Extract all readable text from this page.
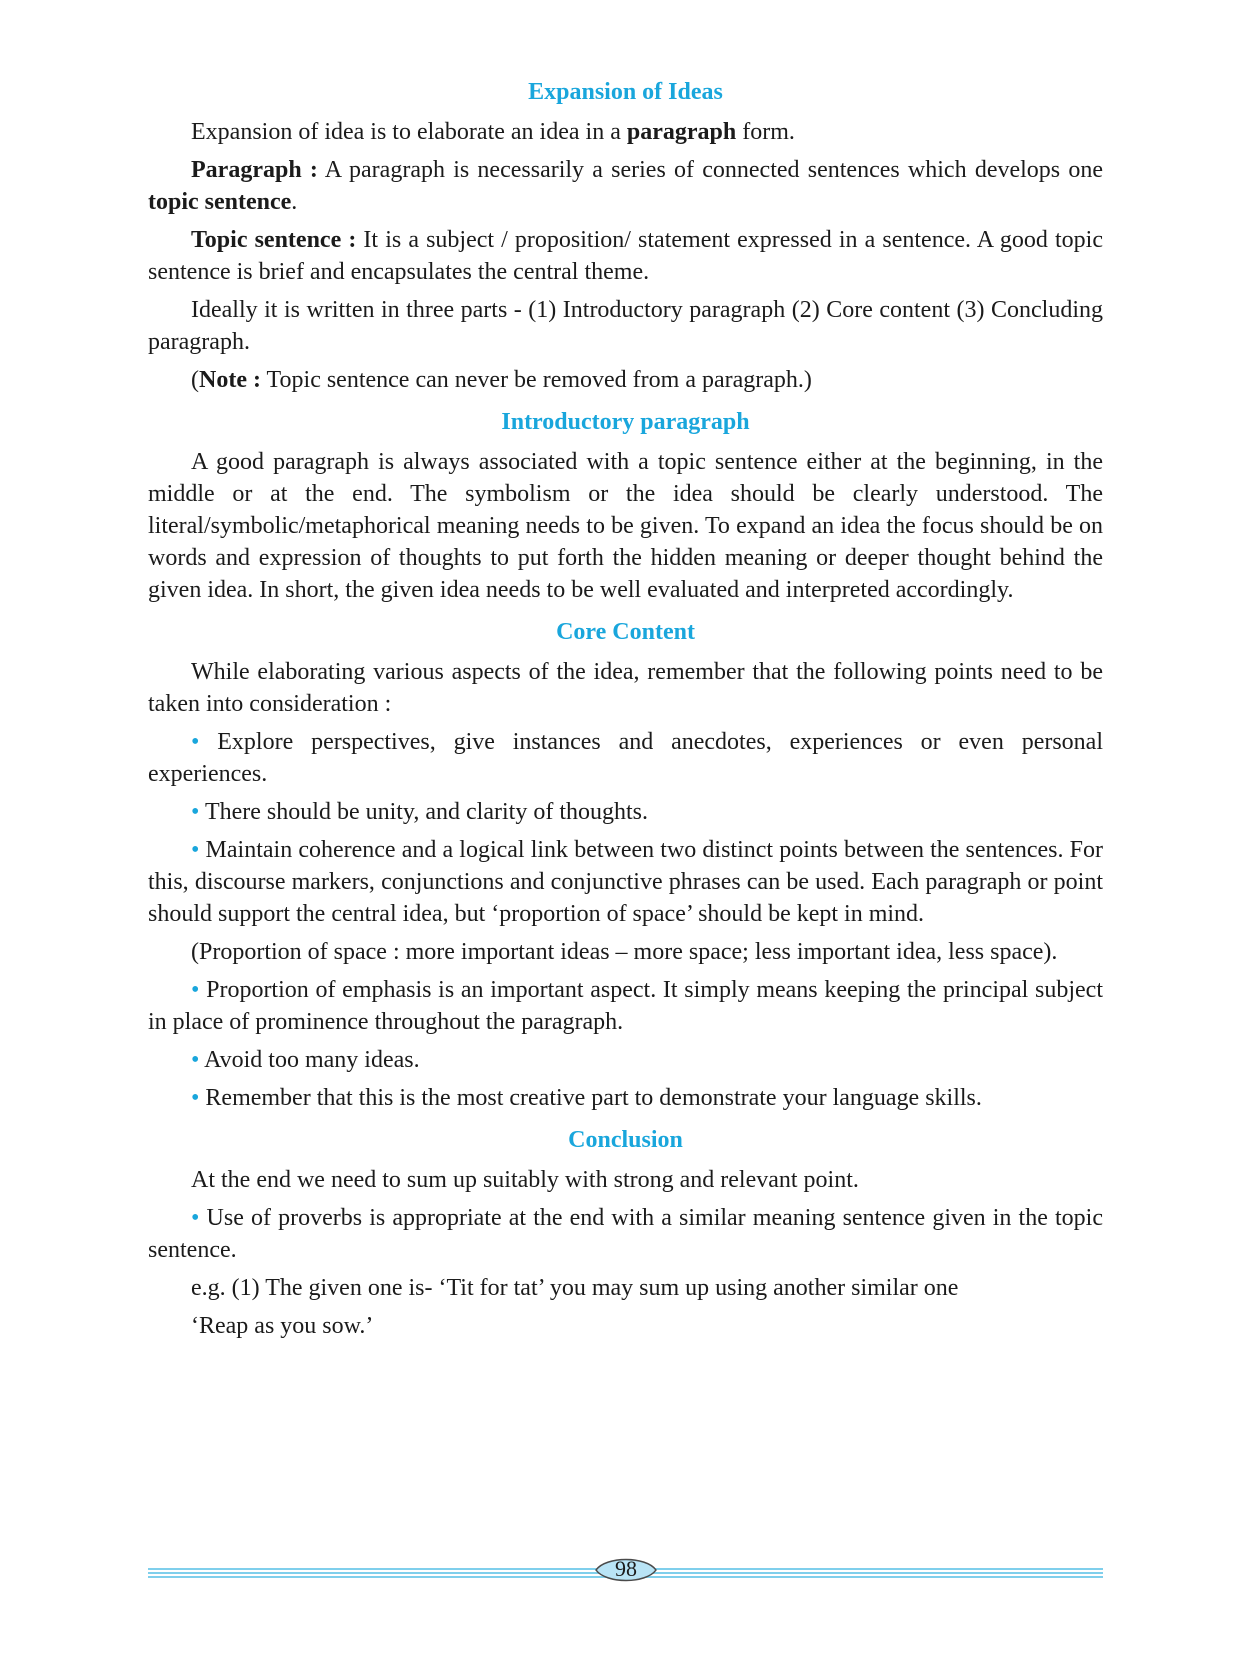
Expansion of Ideas

Expansion of idea is to elaborate an idea in a paragraph form.

Paragraph : A paragraph is necessarily a series of connected sentences which develops one topic sentence.

Topic sentence : It is a subject / proposition/ statement expressed in a sentence. A good topic sentence is brief and encapsulates the central theme.

Ideally it is written in three parts - (1) Introductory paragraph (2) Core content (3) Concluding paragraph.

(Note : Topic sentence can never be removed from a paragraph.)

Introductory paragraph

A good paragraph is always associated with a topic sentence either at the beginning, in the middle or at the end. The symbolism or the idea should be clearly understood. The literal/symbolic/metaphorical meaning needs to be given. To expand an idea the focus should be on words and expression of thoughts to put forth the hidden meaning or deeper thought behind the given idea. In short, the given idea needs to be well evaluated and interpreted accordingly.

Core Content

While elaborating various aspects of the idea, remember that the following points need to be taken into consideration :

• Explore perspectives, give instances and anecdotes, experiences or even personal experiences.

• There should be unity, and clarity of thoughts.

• Maintain coherence and a logical link between two distinct points between the sentences. For this, discourse markers, conjunctions and conjunctive phrases can be used. Each paragraph or point should support the central idea, but ‘proportion of space’ should be kept in mind.

(Proportion of space : more important ideas – more space; less important idea, less space).

• Proportion of emphasis is an important aspect. It simply means keeping the principal subject in place of prominence throughout the paragraph.

• Avoid too many ideas.

• Remember that this is the most creative part to demonstrate your language skills.

Conclusion

At the end we need to sum up suitably with strong and relevant point.

• Use of proverbs is appropriate at the end with a similar meaning sentence given in the topic sentence.

e.g. (1) The given one is- ‘Tit for tat’ you may sum up using another similar one

‘Reap as you sow.’

98
